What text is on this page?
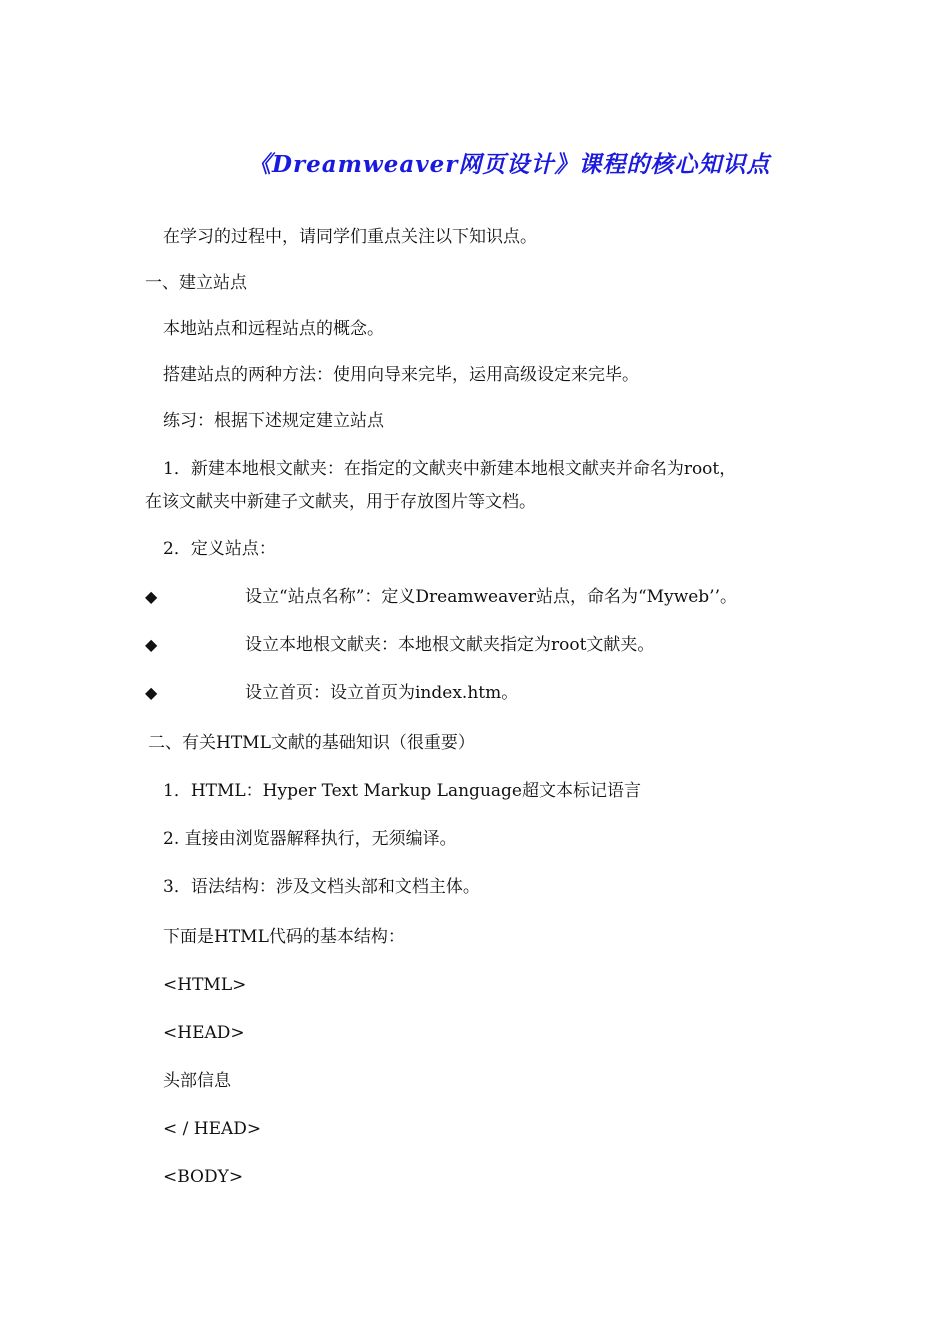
《Dreamweaver网页设计》课程的核心知识点
在学习的过程中，请同学们重点关注以下知识点。
一、建立站点
本地站点和远程站点的概念。
搭建站点的两种方法：使用向导来完毕，运用高级设定来完毕。
练习：根据下述规定建立站点
1．新建本地根文献夹：在指定的文献夹中新建本地根文献夹并命名为root，
在该文献夹中新建子文献夹，用于存放图片等文档。
2．定义站点：
◆	设立“站点名称”：定义Dreamweaver站点，命名为“Myweb’’。
◆	设立本地根文献夹：本地根文献夹指定为root文献夹。
◆	设立首页：设立首页为index.htm。
二、有关HTML文献的基础知识（很重要）
1．HTML：Hyper Text Markup Language超文本标记语言
2. 直接由浏览器解释执行，无须编译。
3．语法结构：涉及文档头部和文档主体。
下面是HTML代码的基本结构：
<HTML>
<HEAD>
头部信息
< / HEAD>
<BODY>
